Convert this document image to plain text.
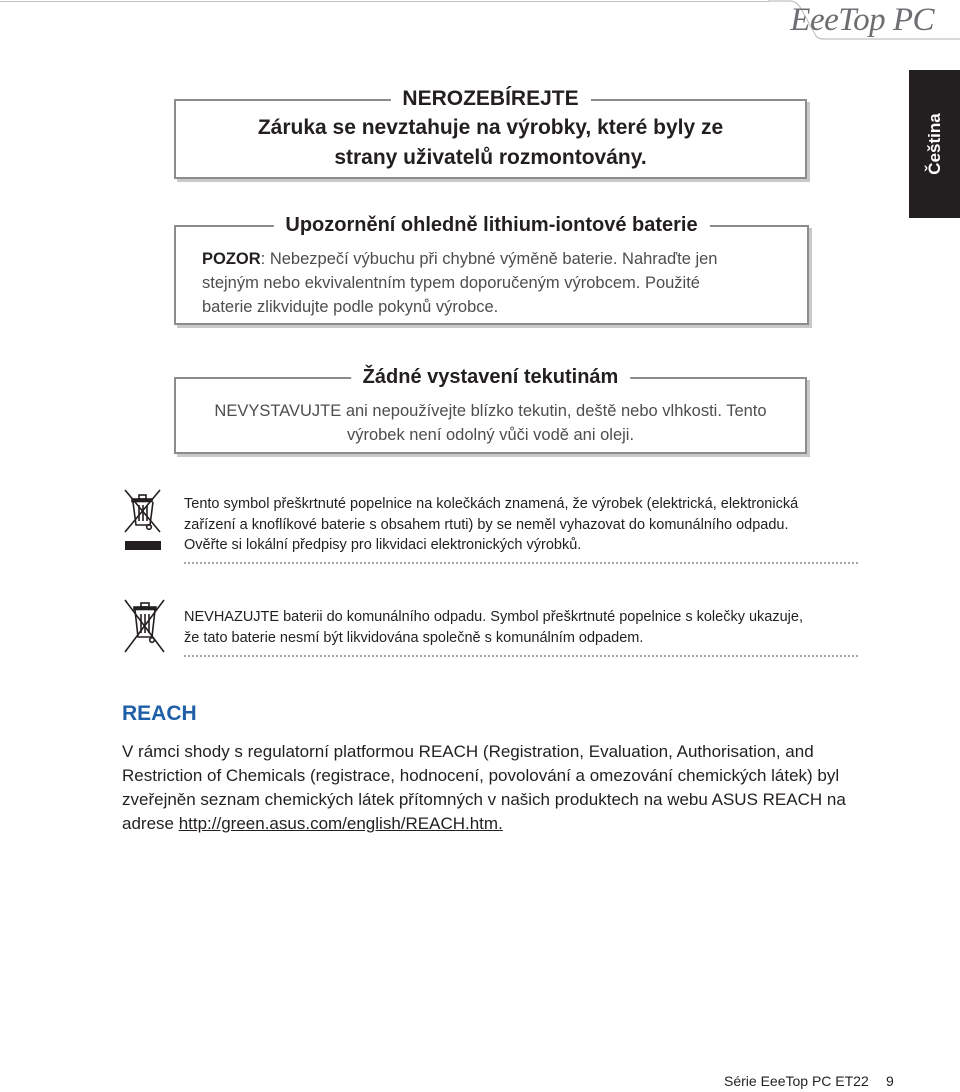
EeeTop PC
Čeština
NEROZEBÍREJTE
Záruka se nevztahuje na výrobky, které byly ze
strany uživatelů rozmontovány.
Upozornění ohledně lithium-iontové baterie
POZOR: Nebezpečí výbuchu při chybné výměně baterie. Nahraďte jen
stejným nebo ekvivalentním typem doporučeným výrobcem. Použité
baterie zlikvidujte podle pokynů výrobce.
Žádné vystavení tekutinám
NEVYSTAVUJTE ani nepoužívejte blízko tekutin, deště nebo vlhkosti. Tento
výrobek není odolný vůči vodě ani oleji.
Tento symbol přeškrtnuté popelnice na kolečkách znamená, že výrobek (elektrická, elektronická
zařízení a knoflíkové baterie s obsahem rtuti) by se neměl vyhazovat do komunálního odpadu.
Ověřte si lokální předpisy pro likvidaci elektronických výrobků.
NEVHAZUJTE baterii do komunálního odpadu. Symbol přeškrtnuté popelnice s kolečky ukazuje,
že tato baterie nesmí být likvidována společně s komunálním odpadem.
REACH
V rámci shody s regulatorní platformou REACH (Registration, Evaluation, Authorisation, and
Restriction of Chemicals (registrace, hodnocení, povolování a omezování chemických látek) byl
zveřejněn seznam chemických látek přítomných v našich produktech na webu ASUS REACH na
adrese http://green.asus.com/english/REACH.htm.
Série EeeTop PC ET22 9
